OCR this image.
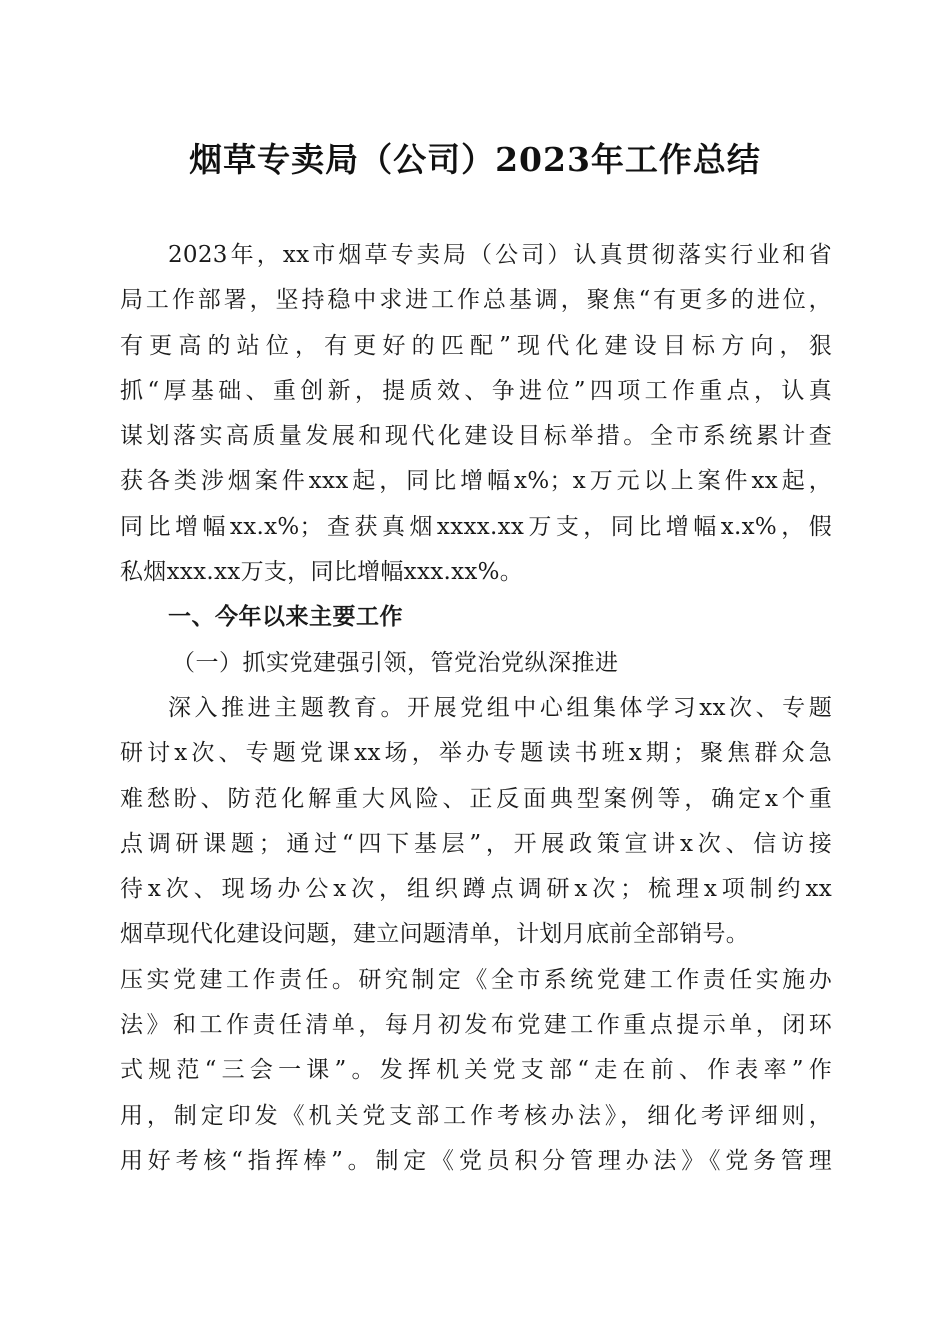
烟草专卖局（公司）2023年工作总结
2023年，xx市烟草专卖局（公司）认真贯彻落实行业和省
局工作部署，坚持稳中求进工作总基调，聚焦“有更多的进位，
有更高的站位，有更好的匹配”现代化建设目标方向，狠
抓“厚基础、重创新，提质效、争进位”四项工作重点，认真
谋划落实高质量发展和现代化建设目标举措。全市系统累计查
获各类涉烟案件xxx起，同比增幅x%；x万元以上案件xx起，
同比增幅xx.x%；查获真烟xxxx.xx万支，同比增幅x.x%，假
私烟xxx.xx万支，同比增幅xxx.xx%。
一、今年以来主要工作
（一）抓实党建强引领，管党治党纵深推进
深入推进主题教育。开展党组中心组集体学习xx次、专题
研讨x次、专题党课xx场，举办专题读书班x期；聚焦群众急
难愁盼、防范化解重大风险、正反面典型案例等，确定x个重
点调研课题；通过“四下基层”，开展政策宣讲x次、信访接
待x次、现场办公x次，组织蹲点调研x次；梳理x项制约xx
烟草现代化建设问题，建立问题清单，计划月底前全部销号。
压实党建工作责任。研究制定《全市系统党建工作责任实施办
法》和工作责任清单，每月初发布党建工作重点提示单，闭环
式规范“三会一课”。发挥机关党支部“走在前、作表率”作
用，制定印发《机关党支部工作考核办法》，细化考评细则，
用好考核“指挥棒”。制定《党员积分管理办法》《党务管理
